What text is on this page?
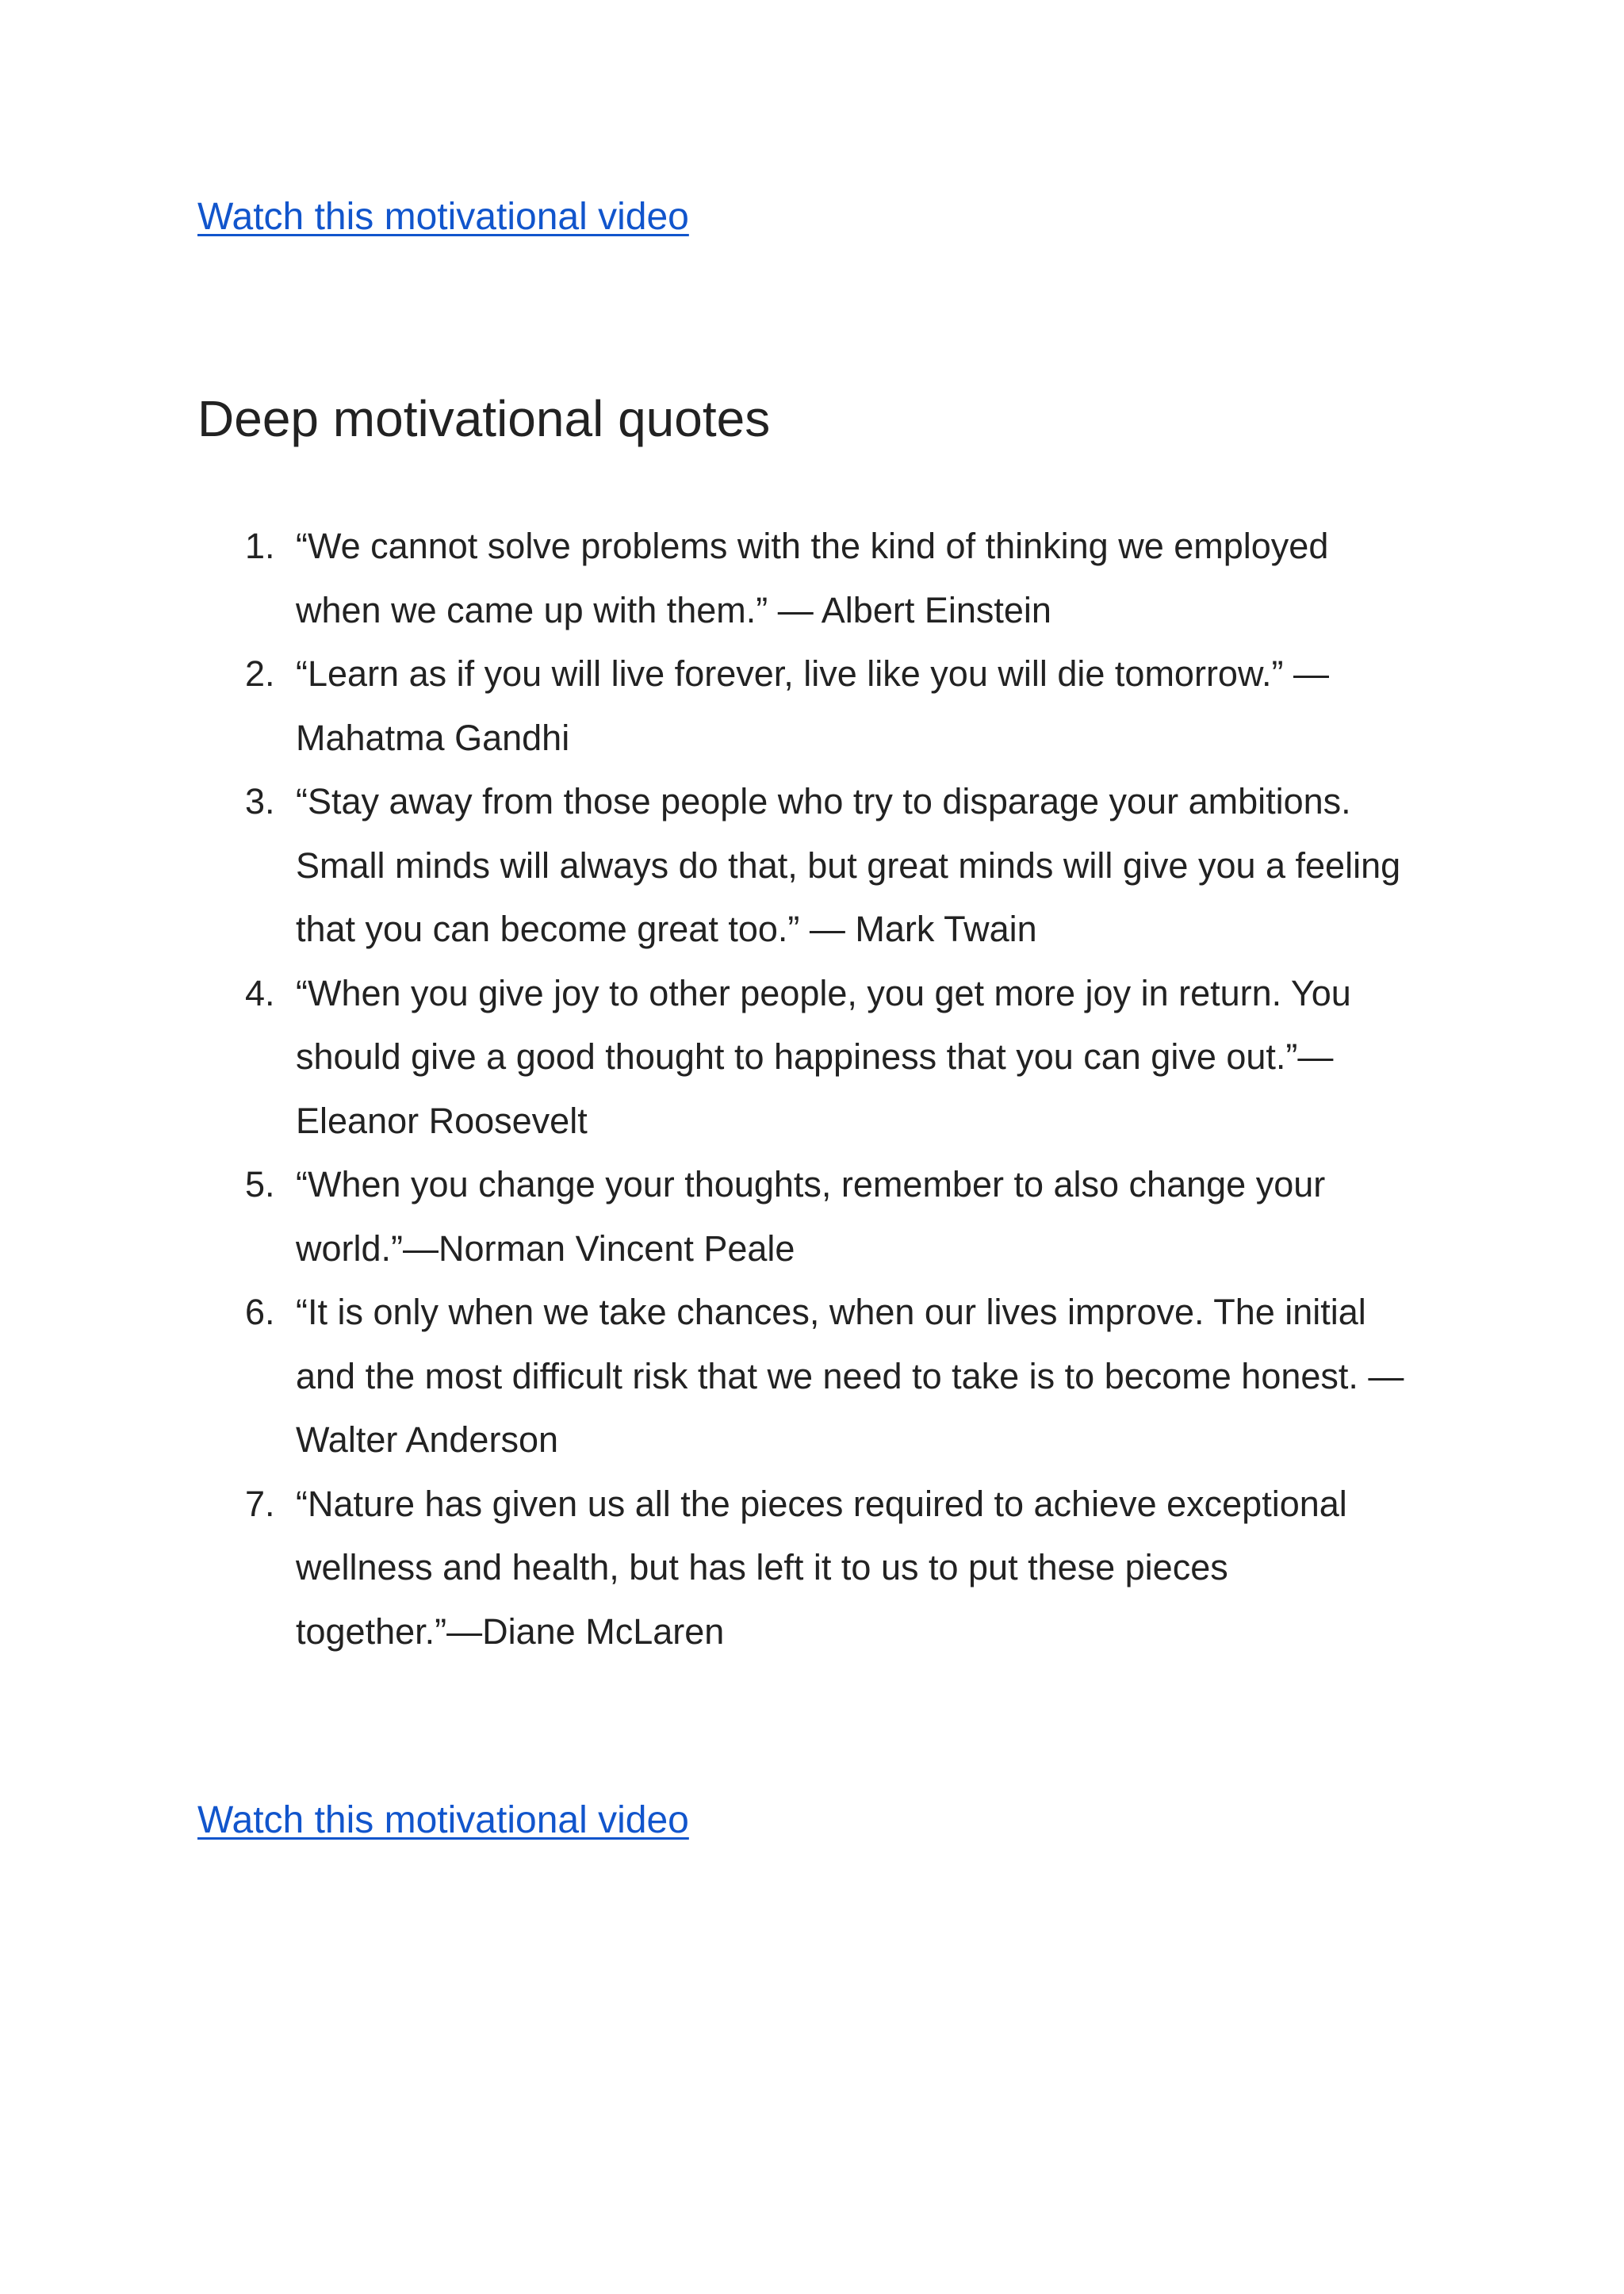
Watch this motivational video
Deep motivational quotes
1. “We cannot solve problems with the kind of thinking we employed when we came up with them.” — Albert Einstein
2. “Learn as if you will live forever, live like you will die tomorrow.” — Mahatma Gandhi
3. “Stay away from those people who try to disparage your ambitions. Small minds will always do that, but great minds will give you a feeling that you can become great too.” — Mark Twain
4. “When you give joy to other people, you get more joy in return. You should give a good thought to happiness that you can give out.”— Eleanor Roosevelt
5. “When you change your thoughts, remember to also change your world.”—Norman Vincent Peale
6. “It is only when we take chances, when our lives improve. The initial and the most difficult risk that we need to take is to become honest. —Walter Anderson
7. “Nature has given us all the pieces required to achieve exceptional wellness and health, but has left it to us to put these pieces together.”—Diane McLaren
Watch this motivational video
